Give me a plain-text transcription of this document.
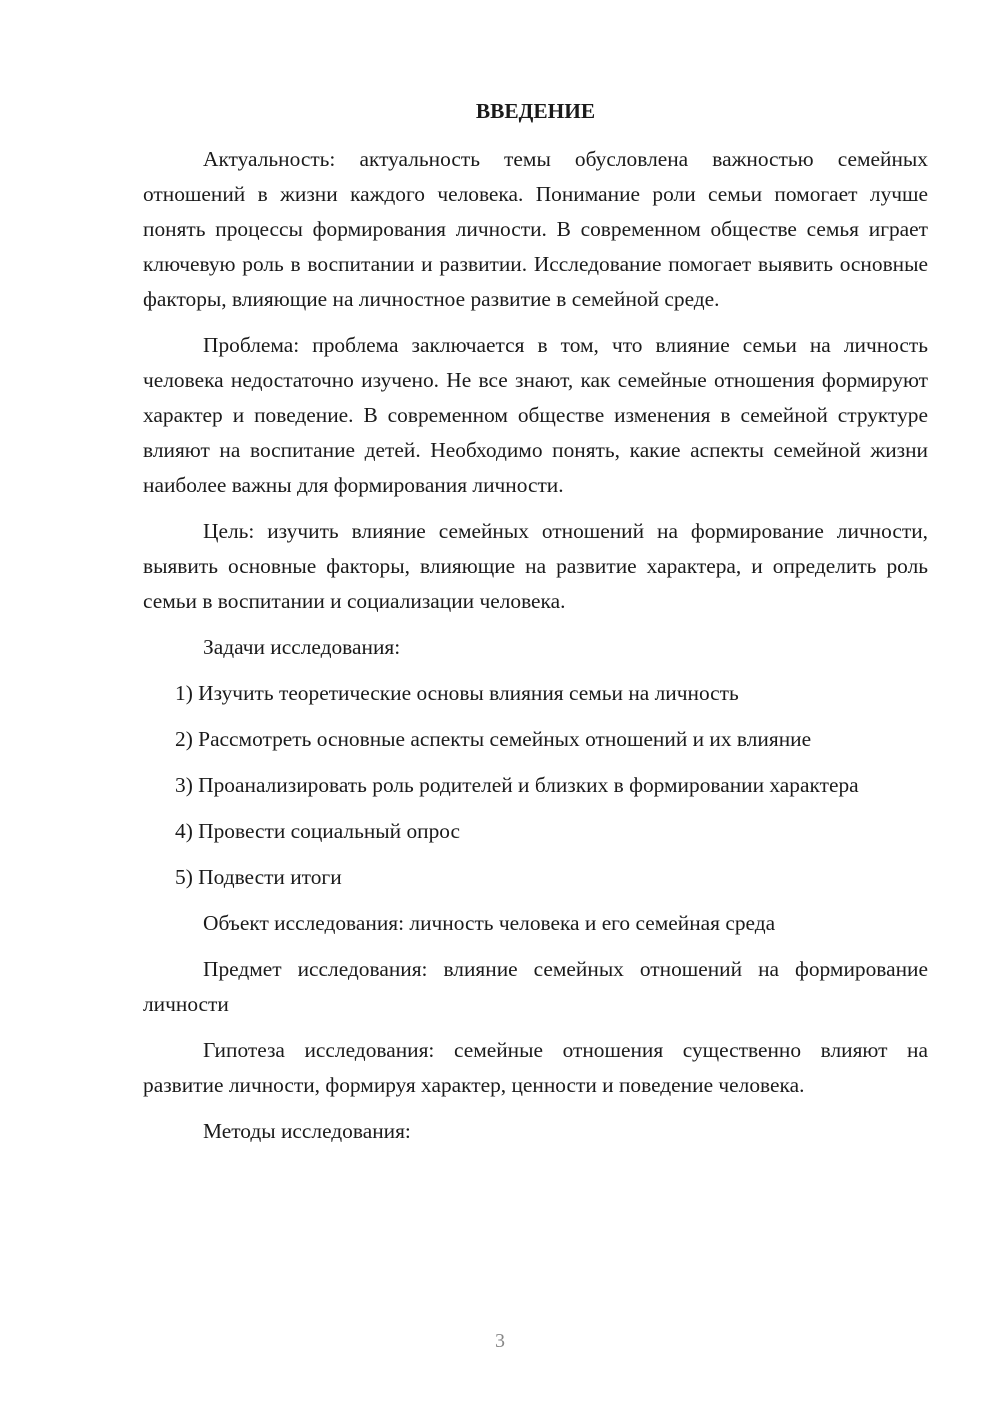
ВВЕДЕНИЕ

Актуальность: актуальность темы обусловлена важностью семейных отношений в жизни каждого человека. Понимание роли семьи помогает лучше понять процессы формирования личности. В современном обществе семья играет ключевую роль в воспитании и развитии. Исследование помогает выявить основные факторы, влияющие на личностное развитие в семейной среде.

Проблема: проблема заключается в том, что влияние семьи на личность человека недостаточно изучено. Не все знают, как семейные отношения формируют характер и поведение. В современном обществе изменения в семейной структуре влияют на воспитание детей. Необходимо понять, какие аспекты семейной жизни наиболее важны для формирования личности.

Цель: изучить влияние семейных отношений на формирование личности, выявить основные факторы, влияющие на развитие характера, и определить роль семьи в воспитании и социализации человека.

Задачи исследования:

1) Изучить теоретические основы влияния семьи на личность

2) Рассмотреть основные аспекты семейных отношений и их влияние

3) Проанализировать роль родителей и близких в формировании характера

4) Провести социальный опрос

5) Подвести итоги

Объект исследования: личность человека и его семейная среда

Предмет исследования: влияние семейных отношений на формирование личности

Гипотеза исследования: семейные отношения существенно влияют на развитие личности, формируя характер, ценности и поведение человека.

Методы исследования:

3
